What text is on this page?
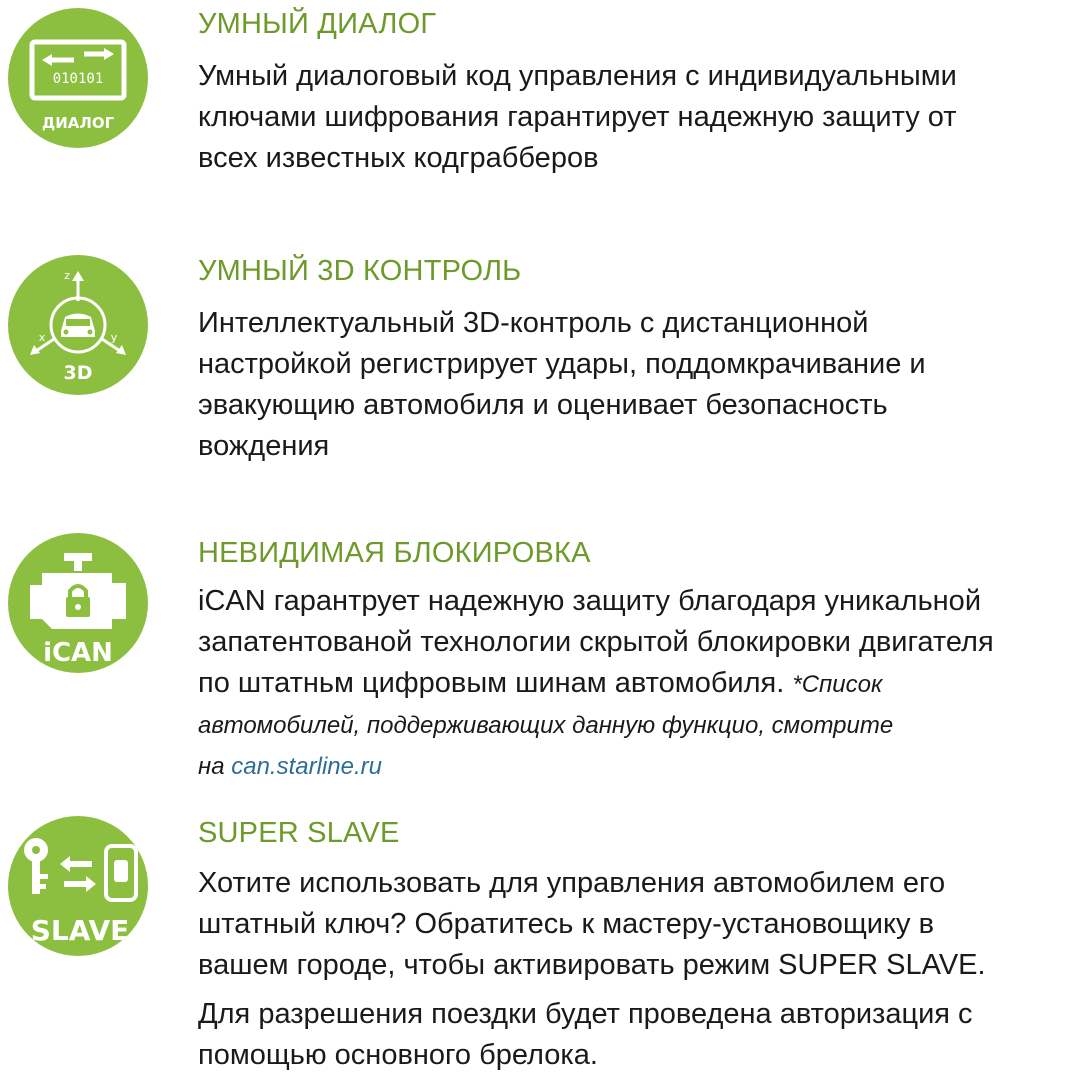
010101
ДИАЛОГ
УМНЫЙ ДИАЛОГ

Умный диалоговый код управления с индивидуальными
ключами шифрования гарантирует надежную защиту от
всех известных кодграбберов

z
x	y
3D
УМНЫЙ 3D КОНТРОЛЬ

Интеллектуальный 3D-контроль с дистанционной
настройкой регистрирует удары, поддомкрачивание и
эвакующию автомобиля и оценивает безопасность
вождения

iCAN
НЕВИДИМАЯ БЛОКИРОВКА

iCAN гарантрует надежную защиту благодаря уникальной
запатентованой технологии скрытой блокировки двигателя
по штатньм цифровым шинам автомобиля. *Список
автомобилей, поддерживающих данную функцио, смотрите
на can.starline.ru

SLAVE
SUPER SLAVE

Хотите использовать для управления автомобилем его
штатный ключ? Обратитесь к мастеру-установощику в
вашем городе, чтобы активировать режим SUPER SLAVE.

Для разрешения поездки будет проведена авторизация с
помощью основного брелока.
